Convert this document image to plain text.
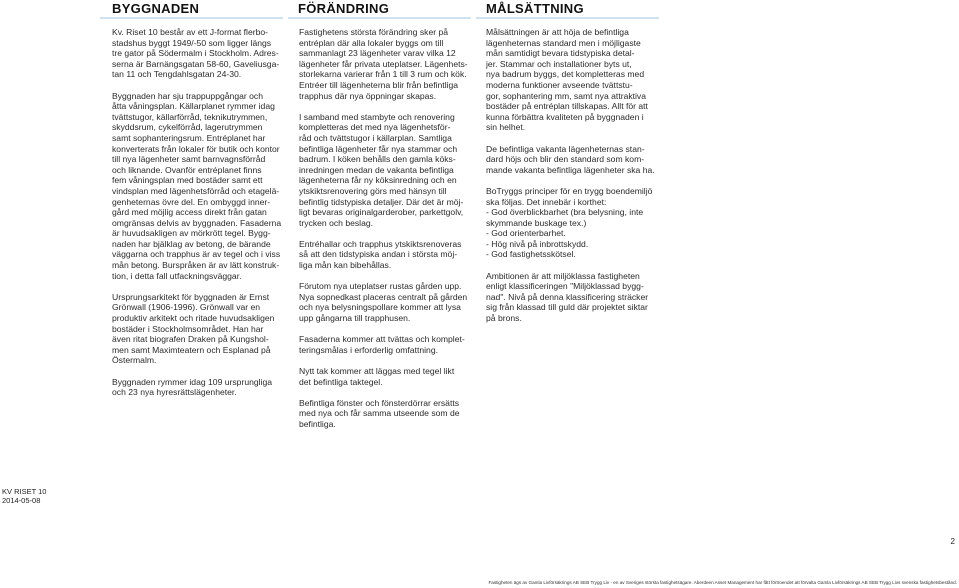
BYGGNADEN	FÖRÄNDRING	MÅLSÄTTNING

Kv. Riset 10 består av ett J-format flerbo-
stadshus byggt 1949/-50 som ligger längs
tre gator på Södermalm i Stockholm. Adres-
serna är Barnängsgatan 58-60, Gaveliusga-
tan 11 och Tengdahlsgatan 24-30.

Byggnaden har sju trappuppgångar och
åtta våningsplan. Källarplanet rymmer idag
tvättstugor, källarförråd, teknikutrymmen,
skyddsrum, cykelförråd, lagerutrymmen
samt sophanteringsrum. Entréplanet har
konverterats från lokaler för butik och kontor
till nya lägenheter samt barnvagnsförråd
och liknande. Ovanför entréplanet finns
fem våningsplan med bostäder samt ett
vindsplan med lägenhetsförråd och etagelä-
genheternas övre del. En ombyggd inner-
gård med möjlig access direkt från gatan
omgränsas delvis av byggnaden. Fasaderna
är huvudsakligen av mörkrött tegel. Bygg-
naden har bjälklag av betong, de bärande
väggarna och trapphus är av tegel och i viss
mån betong. Burspråken är av lätt konstruk-
tion, i detta fall utfackningsväggar.

Ursprungsarkitekt för byggnaden är Ernst
Grönwall (1906-1996). Grönwall var en
produktiv arkitekt och ritade huvudsakligen
bostäder i Stockholmsområdet. Han har
även ritat biografen Draken på Kungshol-
men samt Maximteatern och Esplanad på
Östermalm.

Byggnaden rymmer idag 109 ursprungliga
och 23 nya hyresrättslägenheter.

Fastighetens största förändring sker på
entréplan där alla lokaler byggs om till
sammanlagt 23 lägenheter varav vilka 12
lägenheter får privata uteplatser. Lägenhets-
storlekarna varierar från 1 till 3 rum och kök.
Entréer till lägenheterna blir från befintliga
trapphus där nya öppningar skapas.

I samband med stambyte och renovering
kompletteras det med nya lägenhetsför-
råd och tvättstugor i källarplan. Samtliga
befintliga lägenheter får nya stammar och
badrum. I köken behålls den gamla köks-
inredningen medan de vakanta befintliga
lägenheterna får ny köksinredning och en
ytskiktsrenovering görs med hänsyn till
befintlig tidstypiska detaljer. Där det är möj-
ligt bevaras originalgarderober, parkettgolv,
trycken och beslag.

Entréhallar och trapphus ytskiktsrenoveras
så att den tidstypiska andan i största möj-
liga mån kan bibehållas.

Förutom nya uteplatser rustas gården upp.
Nya sopnedkast placeras centralt på gården
och nya belysningspollare kommer att lysa
upp gångarna till trapphusen.

Fasaderna kommer att tvättas och komplet-
teringsmålas i erforderlig omfattning.

Nytt tak kommer att läggas med tegel likt
det befintliga taktegel.

Befintliga fönster och fönsterdörrar ersätts
med nya och får samma utseende som de
befintliga.

Målsättningen är att höja de befintliga
lägenheternas standard men i möjligaste
mån samtidigt bevara tidstypiska detal-
jer. Stammar och installationer byts ut,
nya badrum byggs, det kompletteras med
moderna funktioner avseende tvättstu-
gor, sophantering mm, samt nya attraktiva
bostäder på entréplan tillskapas. Allt för att
kunna förbättra kvaliteten på byggnaden i
sin helhet.

De befintliga vakanta lägenheternas stan-
dard höjs och blir den standard som kom-
mande vakanta befintliga lägenheter ska ha.

BoTryggs principer för en trygg boendemiljö
ska följas. Det innebär i korthet:
- God överblickbarhet (bra belysning, inte
skymmande buskage tex.)
- God orienterbarhet.
- Hög nivå på inbrottskydd.
- God fastighetsskötsel.

Ambitionen är att miljöklassa fastigheten
enligt klassificeringen "Miljöklassad bygg-
nad". Nivå på denna klassificering sträcker
sig från klassad till guld där projektet siktar
på brons.

KV RISET 10
2014-05-08
2
Fastigheten ägs av Gamla Livförsäkrings AB SEB Trygg Liv - en av Sveriges största fastighetsägare. Aberdeen Asset Management har fått förtroendet att förvalta Gamla Livförsäkrings AB SEB Trygg Livs svenska fastighetsbestånd.
